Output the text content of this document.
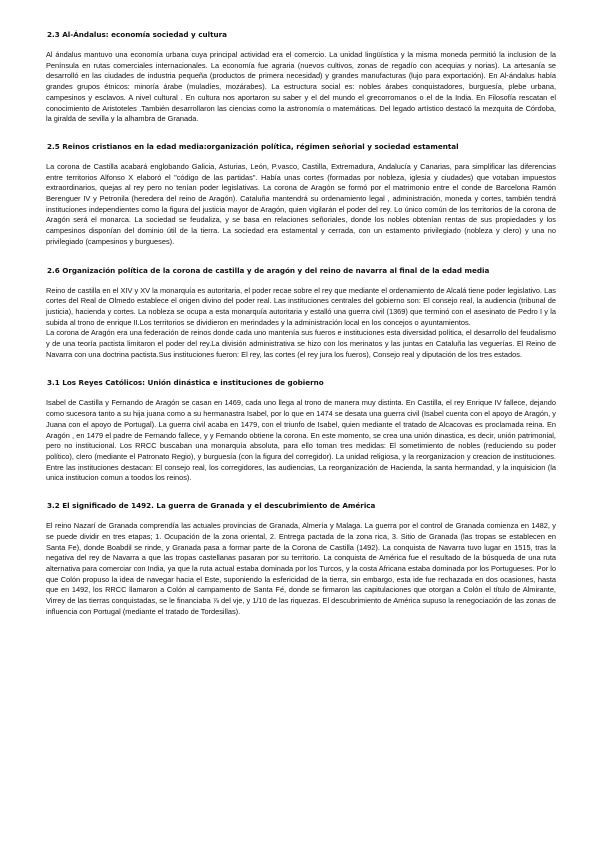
2.3 Al-Ándalus: economía sociedad y cultura

Al ándalus mantuvo una economía urbana cuya principal actividad era el comercio. La unidad lingüística y la misma moneda permitió la inclusion de la Península en rutas comerciales internacionales. La economía fue agraria (nuevos cultivos, zonas de regadío con acequias y norias). La artesanía se desarrolló en las ciudades de industria pequeña (productos de primera necesidad) y grandes manufacturas (lujo para exportación). En Al-ándalus había grandes grupos étnicos: minoría árabe (muladíes, mozárabes). La estructura social es: nobles árabes conquistadores, burguesía, plebe urbana, campesinos y esclavos. A nivel cultural . En cultura nos aportaron su saber y el del mundo el grecorromanos o el de la India. En Filosofía rescatan el conocimiento de Aristoteles .También desarrollaron las ciencias como la astronomía o matemáticas. Del legado artístico destacó la mezquita de Córdoba, la giralda de sevilla y la alhambra de Granada.

2.5 Reinos cristianos en la edad media:organización política, régimen señorial y sociedad estamental

La corona de Castilla acabará englobando Galicia, Asturias, León, P.vasco, Castilla, Extremadura, Andalucía y Canarias, para simplificar las diferencias entre territorios Alfonso X elaboró el "código de las partidas". Había unas cortes (formadas por nobleza, iglesia y ciudades) que votaban impuestos extraordinarios, quejas al rey pero no tenían poder legislativas. La corona de Aragón se formó por el matrimonio entre el conde de Barcelona Ramón Berenguer IV y Petronila (heredera del reino de Aragón). Cataluña mantendrá su ordenamiento legal , administración, moneda y cortes, también tendrá instituciones independientes como la figura del justicia mayor de Aragón, quien vigilarán el poder del rey. Lo único común de los territorios de la corona de Aragón será el monarca. La sociedad se feudaliza, y se basa en relaciones señoriales, donde los nobles obtenían rentas de sus propiedades y los campesinos disponían del dominio útil de la tierra. La sociedad era estamental y cerrada, con un estamento privilegiado (nobleza y clero) y una no privilegiado (campesinos y burgueses).

2.6 Organización política de la corona de castilla y de aragón y del reino de navarra al final de la edad media

Reino de castilla en el XIV y XV la monarquía es autoritaria, el poder recae sobre el rey que mediante el ordenamiento de Alcalá tiene poder legislativo. Las cortes del Real de Olmedo establece el origen divino del poder real. Las instituciones centrales del gobierno son: El consejo real, la audiencia (tribunal de justicia), hacienda y cortes. La nobleza se ocupa a esta monarquía autoritaria y estalló una guerra civil (1369) que terminó con el asesinato de Pedro I y la subida al trono de enrique II.Los territorios se dividieron en merindades y la administración local en los concejos o ayuntamientos.

La corona de Aragón era una federación de reinos donde cada uno mantenía sus fueros e instituciones esta diversidad política, el desarrollo del feudalismo y de una teoría pactista limitaron el poder del rey.La división administrativa se hizo con los merinatos y las juntas en Cataluña las veguerías. El Reino de Navarra con una doctrina pactista.Sus instituciones fueron: El rey, las cortes (el rey jura los fueros), Consejo real y diputación de los tres estados.

3.1 Los Reyes Católicos: Unión dinástica e instituciones de gobierno

Isabel de Castilla y Fernando de Aragón se casan en 1469, cada uno llega al trono de manera muy distinta. En Castilla, el rey Enrique IV fallece, dejando como sucesora tanto a su hija juana como a su hermanastra Isabel, por lo que en 1474 se desata una guerra civil (Isabel cuenta con el apoyo de Aragón, y Juana con el apoyo de Portugal). La guerra civil acaba en 1479, con el triunfo de Isabel, quien mediante el tratado de Alcacovas es proclamada reina. En Aragón , en 1479 el padre de Fernando fallece, y y Fernando obtiene la corona. En este momento, se crea una unión dinastica, es decir, unión patrimonial, pero no institucional. Los RRCC buscaban una monarquía absoluta, para ello toman tres medidas: El sometimiento de nobles (reduciendo su poder político), clero (mediante el Patronato Regio), y burguesía (con la figura del corregidor). La unidad religiosa, y la reorganizacion y creacion de instituciones. Entre las instituciones destacan: El consejo real, los corregidores, las audiencias, La reorganización de Hacienda, la santa hermandad, y la inquisicion (la unica institucion comun a toodos los reinos).

3.2 El significado de 1492. La guerra de Granada y el descubrimiento de América

El reino Nazarí de Granada comprendía las actuales provincias de Granada, Almería y Malaga. La guerra por el control de Granada comienza en 1482, y se puede dividir en tres etapas; 1. Ocupación de la zona oriental, 2. Entrega pactada de la zona rica, 3. Sitio de Granada (las tropas se establecen en Santa Fe), donde Boabdil se rinde, y Granada pasa a formar parte de la Corona de Castilla (1492). La conquista de Navarra tuvo lugar en 1515, tras la negativa del rey de Navarra a que las tropas castellanas pasaran por su territorio. La conquista de América fue el resultado de la búsqueda de una ruta alternativa para comerciar con India, ya que la ruta actual estaba dominada por los Turcos, y la costa Africana estaba dominada por los Portugueses. Por lo que Colón propuso la idea de navegar hacia el Este, suponiendo la esfericidad de la tierra, sin embargo, esta ide fue rechazada en dos ocasiones, hasta que en 1492, los RRCC llamaron a Colón al campamento de Santa Fé, donde se firmaron las capitulaciones que otorgan a Colón el título de Almirante, Virrey de las tierras conquistadas, se le financiaba ⅞ del vje, y 1/10 de las riquezas. El descubrimiento de América supuso la renegociación de las zonas de influencia con Portugal (mediante el tratado de Tordesillas).
